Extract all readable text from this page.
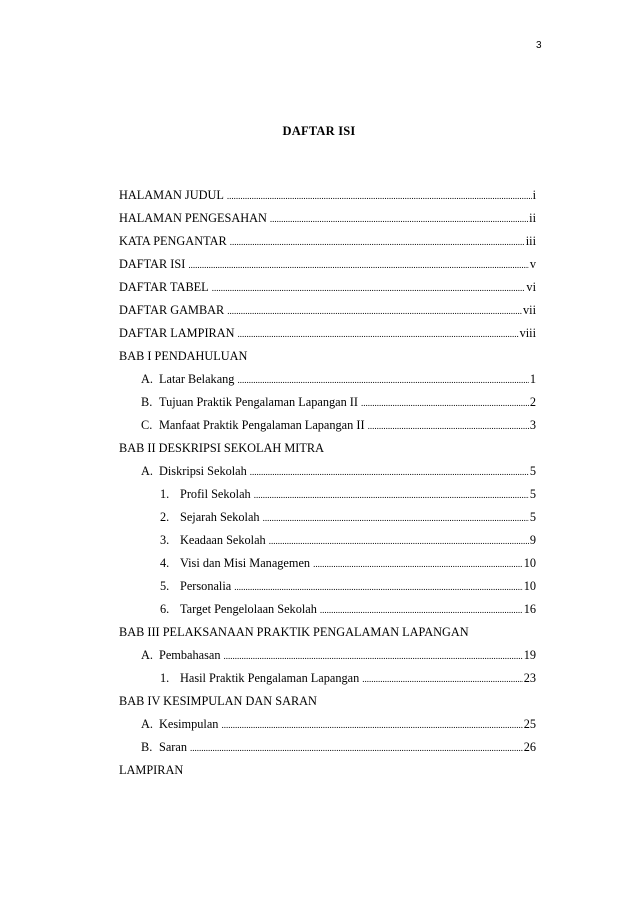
3
DAFTAR ISI
HALAMAN JUDUL .....	i
HALAMAN PENGESAHAN .....	ii
KATA PENGANTAR .....	iii
DAFTAR ISI .....	v
DAFTAR TABEL .....	vi
DAFTAR GAMBAR .....	vii
DAFTAR LAMPIRAN .....	viii
BAB I PENDAHULUAN
A. Latar Belakang .....	1
B. Tujuan Praktik Pengalaman Lapangan II .....	2
C. Manfaat Praktik Pengalaman Lapangan II .....	3
BAB II DESKRIPSI SEKOLAH MITRA
A. Diskripsi Sekolah .....	5
1. Profil Sekolah .....	5
2. Sejarah Sekolah .....	5
3. Keadaan Sekolah .....	9
4. Visi dan Misi Managemen .....	10
5. Personalia .....	10
6. Target Pengelolaan Sekolah .....	16
BAB III PELAKSANAAN PRAKTIK PENGALAMAN LAPANGAN
A. Pembahasan .....	19
1. Hasil Praktik Pengalaman Lapangan .....	23
BAB IV KESIMPULAN DAN SARAN
A. Kesimpulan .....	25
B. Saran .....	26
LAMPIRAN
